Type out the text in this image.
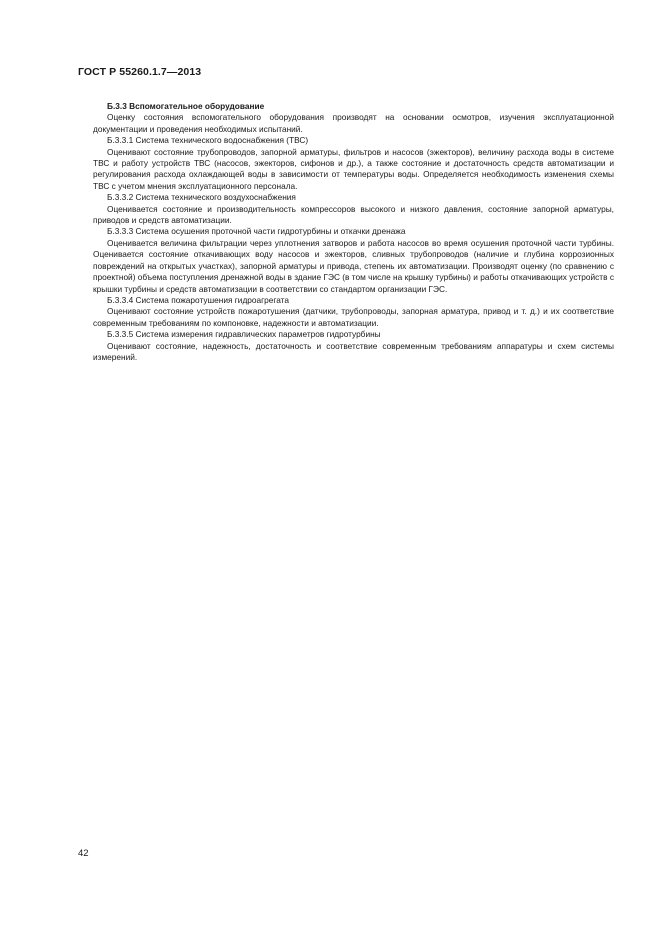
ГОСТ Р 55260.1.7—2013

Б.3.3 Вспомогательное оборудование

Оценку состояния вспомогательного оборудования производят на основании осмотров, изучения эксплуатационной документации и проведения необходимых испытаний.

Б.3.3.1 Система технического водоснабжения (ТВС)

Оценивают состояние трубопроводов, запорной арматуры, фильтров и насосов (эжекторов), величину расхода воды в системе ТВС и работу устройств ТВС (насосов, эжекторов, сифонов и др.), а также состояние и достаточность средств автоматизации и регулирования расхода охлаждающей воды в зависимости от температуры воды. Определяется необходимость изменения схемы ТВС с учетом мнения эксплуатационного персонала.

Б.3.3.2 Система технического воздухоснабжения

Оценивается состояние и производительность компрессоров высокого и низкого давления, состояние запорной арматуры, приводов и средств автоматизации.

Б.3.3.3 Система осушения проточной части гидротурбины и откачки дренажа

Оценивается величина фильтрации через уплотнения затворов и работа насосов во время осушения проточной части турбины. Оценивается состояние откачивающих воду насосов и эжекторов, сливных трубопроводов (наличие и глубина коррозионных повреждений на открытых участках), запорной арматуры и привода, степень их автоматизации. Производят оценку (по сравнению с проектной) объема поступления дренажной воды в здание ГЭС (в том числе на крышку турбины) и работы откачивающих устройств с крышки турбины и средств автоматизации в соответствии со стандартом организации ГЭС.

Б.3.3.4 Система пожаротушения гидроагрегата

Оценивают состояние устройств пожаротушения (датчики, трубопроводы, запорная арматура, привод и т. д.) и их соответствие современным требованиям по компоновке, надежности и автоматизации.

Б.3.3.5 Система измерения гидравлических параметров гидротурбины

Оценивают состояние, надежность, достаточность и соответствие современным требованиям аппаратуры и схем системы измерений.

42
